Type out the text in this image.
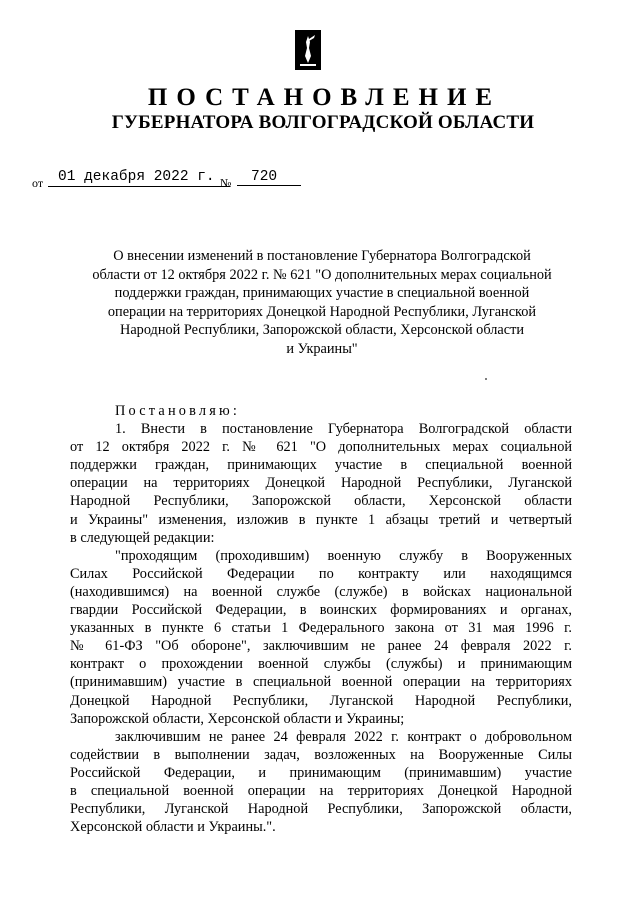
ПОСТАНОВЛЕНИЕ
ГУБЕРНАТОРА ВОЛГОГРАДСКОЙ ОБЛАСТИ
от	01 декабря 2022 г. №	720
О внесении изменений в постановление Губернатора Волгоградской
области от 12 октября 2022 г. № 621 "О дополнительных мерах социальной
поддержки граждан, принимающих участие в специальной военной
операции на территориях Донецкой Народной Республики, Луганской
Народной Республики, Запорожской области, Херсонской области
и Украины"
Постановляю:
1. Внести в постановление Губернатора Волгоградской области
от 12 октября 2022 г. № 621 "О дополнительных мерах социальной
поддержки граждан, принимающих участие в специальной военной
операции на территориях Донецкой Народной Республики, Луганской
Народной Республики, Запорожской области, Херсонской области
и Украины" изменения, изложив в пункте 1 абзацы третий и четвертый
в следующей редакции:
"проходящим (проходившим) военную службу в Вооруженных
Силах Российской Федерации по контракту или находящимся
(находившимся) на военной службе (службе) в войсках национальной
гвардии Российской Федерации, в воинских формированиях и органах,
указанных в пункте 6 статьи 1 Федерального закона от 31 мая 1996 г.
№ 61-ФЗ "Об обороне", заключившим не ранее 24 февраля 2022 г.
контракт о прохождении военной службы (службы) и принимающим
(принимавшим) участие в специальной военной операции на территориях
Донецкой Народной Республики, Луганской Народной Республики,
Запорожской области, Херсонской области и Украины;
заключившим не ранее 24 февраля 2022 г. контракт о добровольном
содействии в выполнении задач, возложенных на Вооруженные Силы
Российской Федерации, и принимающим (принимавшим) участие
в специальной военной операции на территориях Донецкой Народной
Республики, Луганской Народной Республики, Запорожской области,
Херсонской области и Украины.".
